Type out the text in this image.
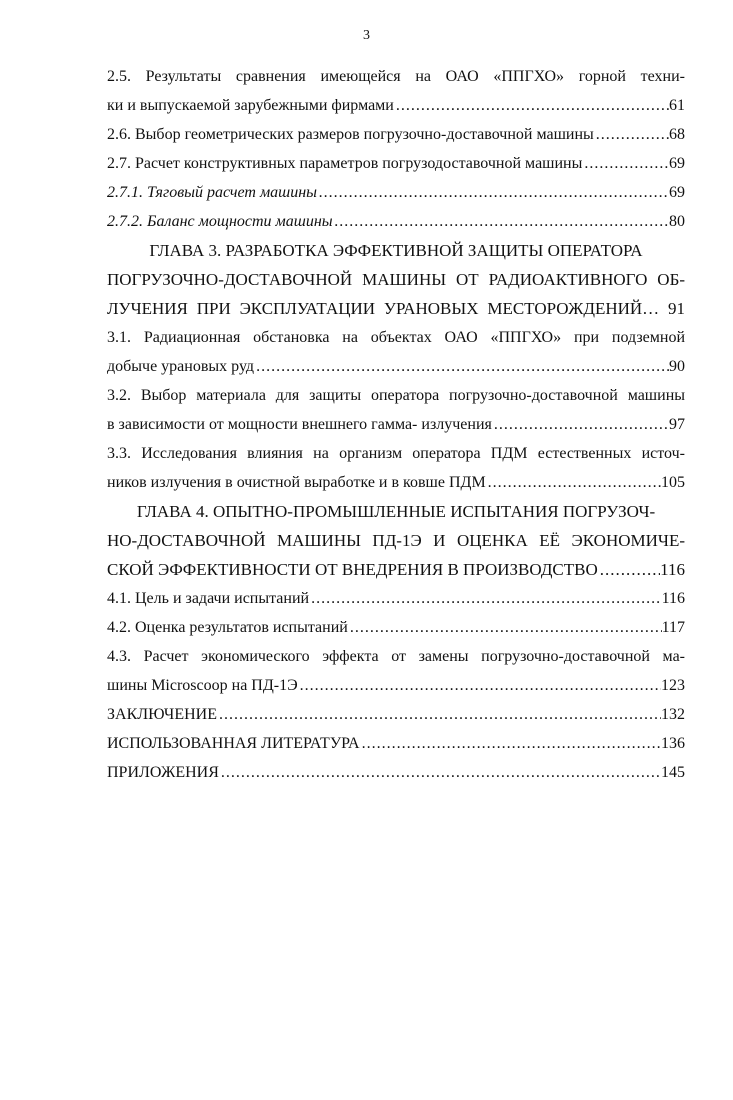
3
2.5. Результаты сравнения имеющейся на ОАО «ППГХО» горной техни-
ки и выпускаемой зарубежными фирмами .....	61
2.6. Выбор геометрических размеров погрузочно-доставочной машины .....	68
2.7. Расчет конструктивных параметров погрузодоставочной машины .....	69
2.7.1. Тяговый расчет машины .....	69
2.7.2. Баланс мощности машины .....	80
ГЛАВА 3. РАЗРАБОТКА ЭФФЕКТИВНОЙ ЗАЩИТЫ ОПЕРАТОРА
ПОГРУЗОЧНО-ДОСТАВОЧНОЙ МАШИНЫ ОТ РАДИОАКТИВНОГО ОБ-
ЛУЧЕНИЯ ПРИ ЭКСПЛУАТАЦИИ УРАНОВЫХ МЕСТОРОЖДЕНИЙ… 91
3.1. Радиационная обстановка на объектах ОАО «ППГХО» при подземной
добыче урановых руд .....	90
3.2. Выбор материала для защиты оператора погрузочно-доставочной машины
в зависимости от мощности внешнего гамма- излучения .....	97
3.3. Исследования влияния на организм оператора ПДМ естественных источ-
ников излучения в очистной выработке и в ковше ПДМ .....	105
ГЛАВА 4. ОПЫТНО-ПРОМЫШЛЕННЫЕ ИСПЫТАНИЯ ПОГРУЗОЧ-
НО-ДОСТАВОЧНОЙ МАШИНЫ ПД-1Э И ОЦЕНКА ЕЁ ЭКОНОМИЧЕ-
СКОЙ ЭФФЕКТИВНОСТИ ОТ ВНЕДРЕНИЯ В ПРОИЗВОДСТВО .....	116
4.1. Цель и задачи испытаний .....	116
4.2. Оценка результатов испытаний .....	117
4.3. Расчет экономического эффекта от замены погрузочно-доставочной ма-
шины Microscoop на ПД-1Э .....	123
ЗАКЛЮЧЕНИЕ .....	132
ИСПОЛЬЗОВАННАЯ ЛИТЕРАТУРА .....	136
ПРИЛОЖЕНИЯ .....	145
